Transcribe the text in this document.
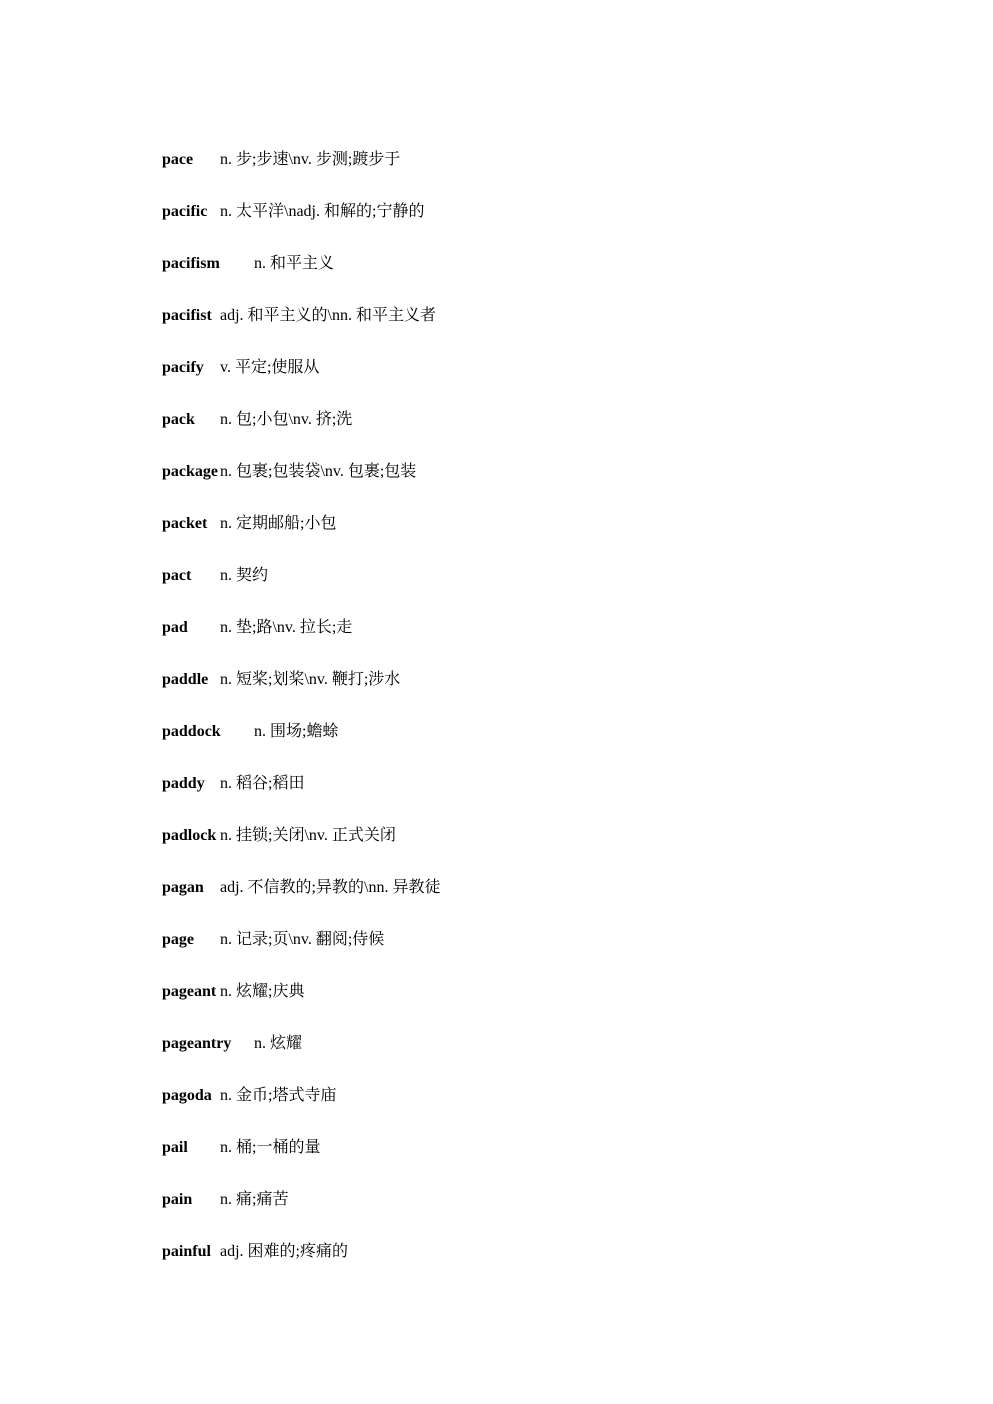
pace n. 步;步速\nv. 步测;踱步于
pacific n. 太平洋\nadj. 和解的;宁静的
pacifism n. 和平主义
pacifist adj. 和平主义的\nn. 和平主义者
pacify v. 平定;使服从
pack n. 包;小包\nv. 挤;洗
package n. 包裹;包装袋\nv. 包裹;包装
packet n. 定期邮船;小包
pact n. 契约
pad n. 垫;路\nv. 拉长;走
paddle n. 短桨;划桨\nv. 鞭打;涉水
paddock n. 围场;蟾蜍
paddy n. 稻谷;稻田
padlock n. 挂锁;关闭\nv. 正式关闭
pagan adj. 不信教的;异教的\nn. 异教徒
page n. 记录;页\nv. 翻阅;侍候
pageant n. 炫耀;庆典
pageantry n. 炫耀
pagoda n. 金币;塔式寺庙
pail n. 桶;一桶的量
pain n. 痛;痛苦
painful adj. 困难的;疼痛的
